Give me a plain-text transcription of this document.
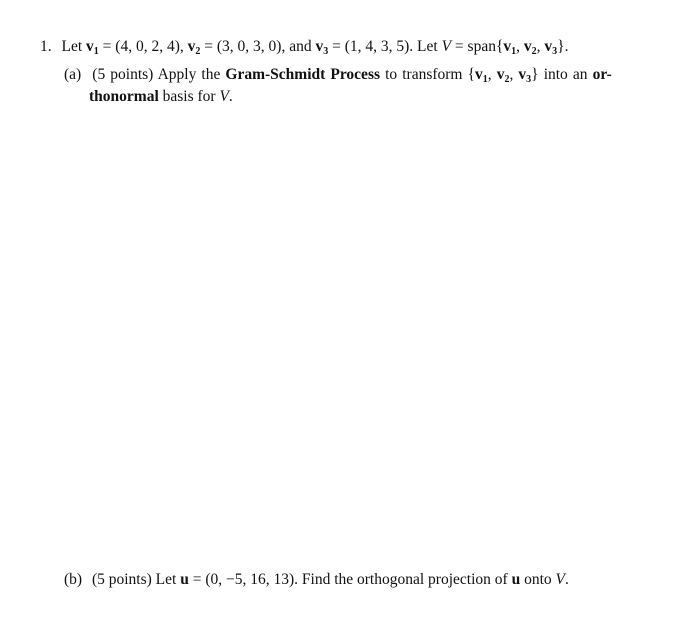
1. Let $v_1 = (4$, 0, 2, 4), $v_2 = (3$, 0, 3, 0), and $v_3 = (1$, 4, 3, 5). Let $V = span\{v_1$, $v_2$, $v_3$}.
(a) (5 points) Apply the Gram-Schmidt Process to transform {$v_1$, $v_2$, $v_3$} into an or-
thonormal basis for V.
(b) (5 points) Let u = (0, −5, 16, 13). Find the orthogonal projection of u onto V.
